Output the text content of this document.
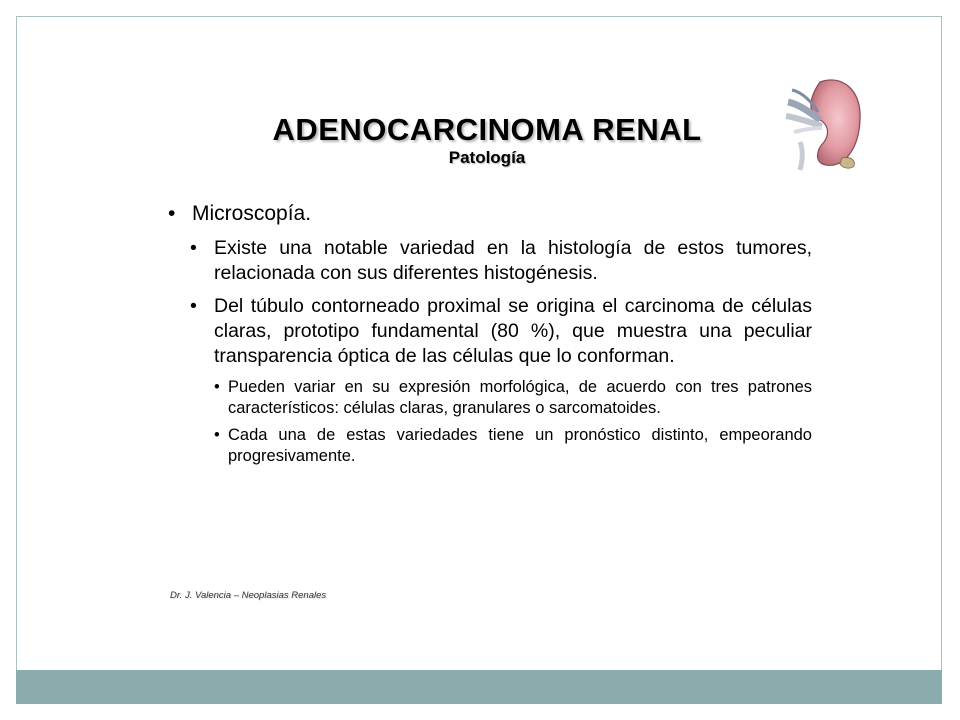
ADENOCARCINOMA RENAL
Patología
• Microscopía.
• Existe una notable variedad en la histología de estos tumores, relacionada con sus diferentes histogénesis.
• Del túbulo contorneado proximal se origina el carcinoma de células claras, prototipo fundamental (80 %), que muestra una peculiar transparencia óptica de las células que lo conforman.
• Pueden variar en su expresión morfológica, de acuerdo con tres patrones característicos: células claras, granulares o sarcomatoides.
• Cada una de estas variedades tiene un pronóstico distinto, empeorando progresivamente.
Dr. J. Valencia – Neoplasias Renales
